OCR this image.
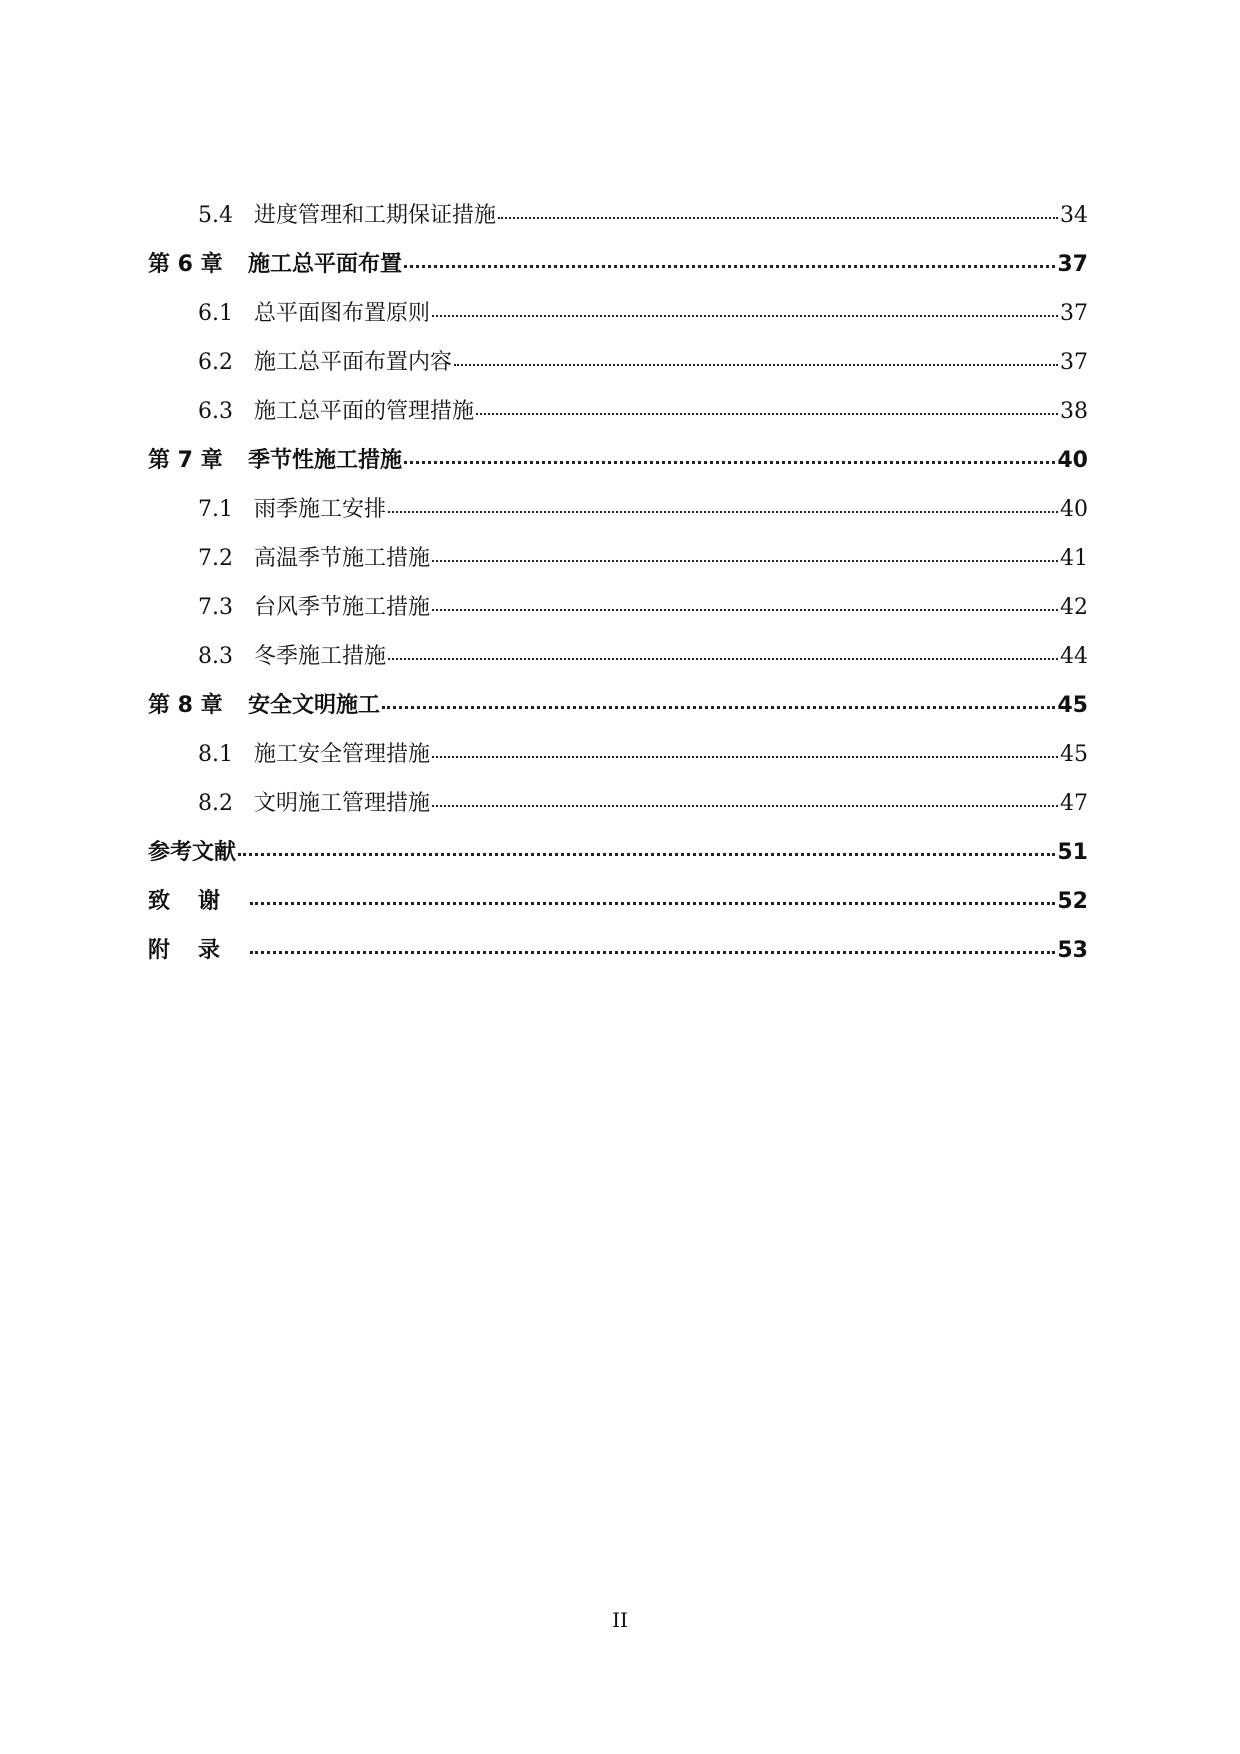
5.4 进度管理和工期保证措施	34
第 6 章	施工总平面布置	37
6.1 总平面图布置原则	37
6.2 施工总平面布置内容	37
6.3 施工总平面的管理措施	38
第 7 章	季节性施工措施	40
7.1 雨季施工安排	40
7.2 高温季节施工措施	41
7.3 台风季节施工措施	42
8.3 冬季施工措施	44
第 8 章	安全文明施工	45
8.1 施工安全管理措施	45
8.2 文明施工管理措施	47
参考文献	51
致谢	52
附录	53
II
